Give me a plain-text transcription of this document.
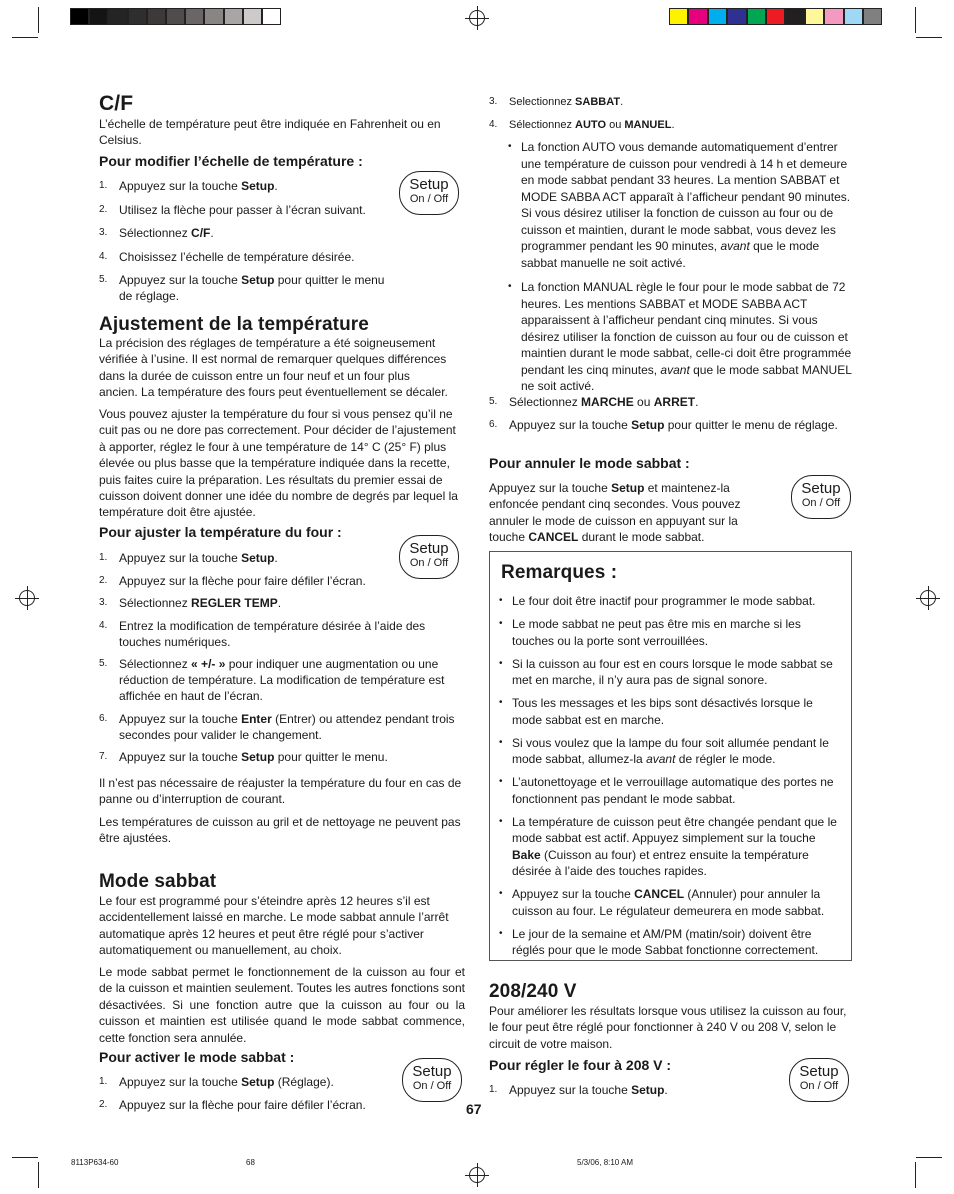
C/F
L’échelle de température peut être indiquée en Fahrenheit ou en Celsius.
Pour modifier l’échelle de température :
1. Appuyez sur la touche Setup.
2. Utilisez la flèche pour passer à l’écran suivant.
3. Sélectionnez C/F.
4. Choisissez l’échelle de température désirée.
5. Appuyez sur la touche Setup pour quitter le menu de réglage.
Setup
On / Off
Ajustement de la température
La précision des réglages de température a été soigneusement vérifiée à l’usine. Il est normal de remarquer quelques différences dans la durée de cuisson entre un four neuf et un four plus ancien. La température des fours peut éventuellement se décaler.
Vous pouvez ajuster la température du four si vous pensez qu’il ne cuit pas ou ne dore pas correctement. Pour décider de l’ajustement à apporter, réglez le four à une température de 14° C (25° F) plus élevée ou plus basse que la température indiquée dans la recette, puis faites cuire la préparation. Les résultats du premier essai de cuisson doivent donner une idée du nombre de degrés par lequel la température doit être ajustée.
Pour ajuster la température du four :
1. Appuyez sur la touche Setup.
2. Appuyez sur la flèche pour faire défiler l’écran.
3. Sélectionnez REGLER TEMP.
4. Entrez la modification de température désirée à l’aide des touches numériques.
5. Sélectionnez « +/- » pour indiquer une augmentation ou une réduction de température. La modification de température est affichée en haut de l’écran.
6. Appuyez sur la touche Enter (Entrer) ou attendez pendant trois secondes pour valider le changement.
7. Appuyez sur la touche Setup pour quitter le menu.
Setup
On / Off
Il n’est pas nécessaire de réajuster la température du four en cas de panne ou d’interruption de courant.
Les températures de cuisson au gril et de nettoyage ne peuvent pas être ajustées.
Mode sabbat
Le four est programmé pour s’éteindre après 12 heures s’il est accidentellement laissé en marche. Le mode sabbat annule l’arrêt automatique après 12 heures et peut être réglé pour s’activer automatiquement ou manuellement, au choix.
Le mode sabbat permet le fonctionnement de la cuisson au four et de la cuisson et maintien seulement. Toutes les autres fonctions sont désactivées. Si une fonction autre que la cuisson au four ou la cuisson et maintien est utilisée quand le mode sabbat commence, cette fonction sera annulée.
Pour activer le mode sabbat :
1. Appuyez sur la touche Setup (Réglage).
2. Appuyez sur la flèche pour faire défiler l’écran.
Setup
On / Off
3.	Selectionnez SABBAT.
4.	Sélectionnez AUTO ou MANUEL.
• La fonction AUTO vous demande automatiquement d’entrer une température de cuisson pour vendredi à 14 h et demeure en mode sabbat pendant 33 heures. La mention SABBAT et MODE SABBA ACT apparaît à l’afficheur pendant 90 minutes. Si vous désirez utiliser la fonction de cuisson au four ou de cuisson et maintien, durant le mode sabbat, vous devez les programmer pendant les 90 minutes, avant que le mode sabbat manuelle ne soit activé.
• La fonction MANUAL règle le four pour le mode sabbat de 72 heures. Les mentions SABBAT et MODE SABBA ACT apparaissent à l’afficheur pendant cinq minutes. Si vous désirez utiliser la fonction de cuisson au four ou de cuisson et maintien durant le mode sabbat, celle-ci doit être programmée pendant les cinq minutes, avant que le mode sabbat MANUEL ne soit activé.
5. Sélectionnez MARCHE ou ARRET.
6. Appuyez sur la touche Setup pour quitter le menu de réglage.
Pour annuler le mode sabbat :
Appuyez sur la touche Setup et maintenez-la enfoncée pendant cinq secondes. Vous pouvez annuler le mode de cuisson en appuyant sur la touche CANCEL durant le mode sabbat.
Setup
On / Off
Remarques :
• Le four doit être inactif pour programmer le mode sabbat.
• Le mode sabbat ne peut pas être mis en marche si les touches ou la porte sont verrouillées.
• Si la cuisson au four est en cours lorsque le mode sabbat se met en marche, il n’y aura pas de signal sonore.
• Tous les messages et les bips sont désactivés lorsque le mode sabbat est en marche.
• Si vous voulez que la lampe du four soit allumée pendant le mode sabbat, allumez-la avant de régler le mode.
• L’autonettoyage et le verrouillage automatique des portes ne fonctionnent pas pendant le mode sabbat.
• La température de cuisson peut être changée pendant que le mode sabbat est actif. Appuyez simplement sur la touche Bake (Cuisson au four) et entrez ensuite la température désirée à l’aide des touches rapides.
• Appuyez sur la touche CANCEL (Annuler) pour annuler la cuisson au four. Le régulateur demeurera en mode sabbat.
• Le jour de la semaine et AM/PM (matin/soir) doivent être réglés pour que le mode Sabbat fonctionne correctement.
208/240 V
Pour améliorer les résultats lorsque vous utilisez la cuisson au four, le four peut être réglé pour fonctionner à 240 V ou 208 V, selon le circuit de votre maison.
Pour régler le four à 208 V :
1. Appuyez sur la touche Setup.
Setup
On / Off
67
8113P634-60	68	5/3/06, 8:10 AM
